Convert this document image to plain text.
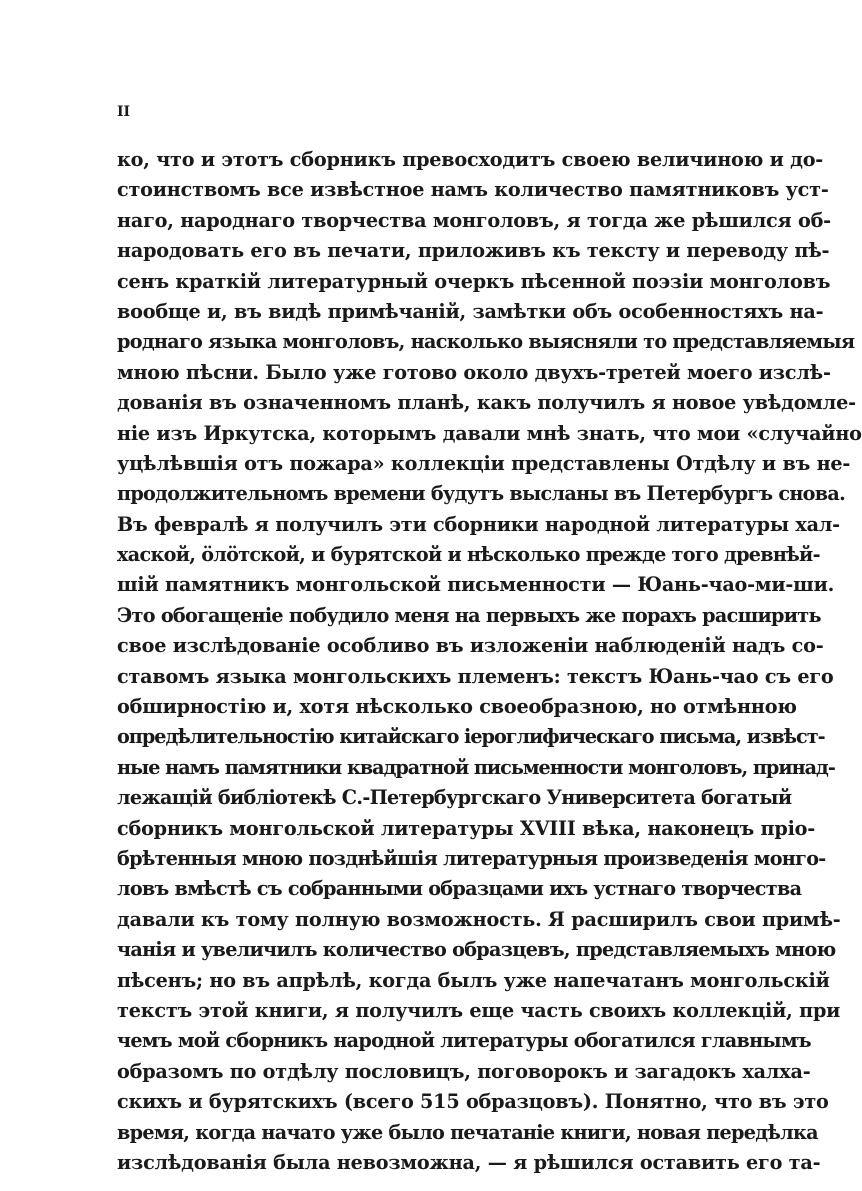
II
ко, что и этотъ сборникъ превосходитъ своею величиною и до-
стоинствомъ все извѣстное намъ количество памятниковъ уст-
наго, народнаго творчества монголовъ, я тогда же рѣшился об-
народовать его въ печати, приложивъ къ тексту и переводу пѣ-
сенъ краткій литературный очеркъ пѣсенной поэзіи монголовъ
вообще и, въ видѣ примѣчаній, замѣтки объ особенностяхъ на-
роднаго языка монголовъ, насколько выясняли то представляемыя
мною пѣсни. Было уже готово около двухъ-третей моего изслѣ-
дованія въ означенномъ планѣ, какъ получилъ я новое увѣдомле-
ніе изъ Иркутска, которымъ давали мнѣ знать, что мои «случайно
уцѣлѣвшія отъ пожара» коллекціи представлены Отдѣлу и въ не-
продолжительномъ времени будутъ высланы въ Петербургъ снова.
Въ февралѣ я получилъ эти сборники народной литературы хал-
хаской, ӧлӧтской, и бурятской и нѣсколько прежде того древнѣй-
шій памятникъ монгольской письменности — Юань-чао-ми-ши.
Это обогащеніе побудило меня на первыхъ же порахъ расширить
свое изслѣдованіе особливо въ изложеніи наблюденій надъ со-
ставомъ языка монгольскихъ племенъ: текстъ Юань-чао съ его
обширностію и, хотя нѣсколько своеобразною, но отмѣнною
опредѣлительностію китайскаго іероглифическаго письма, извѣст-
ные намъ памятники квадратной письменности монголовъ, принад-
лежащій библіотекѣ С.-Петербургскаго Университета богатый
сборникъ монгольской литературы XVIII вѣка, наконецъ пріо-
брѣтенныя мною позднѣйшія литературныя произведенія монго-
ловъ вмѣстѣ съ собранными образцами ихъ устнаго творчества
давали къ тому полную возможность. Я расширилъ свои примѣ-
чанія и увеличилъ количество образцевъ, представляемыхъ мною
пѣсенъ; но въ апрѣлѣ, когда былъ уже напечатанъ монгольскій
текстъ этой книги, я получилъ еще часть своихъ коллекцій, при
чемъ мой сборникъ народной литературы обогатился главнымъ
образомъ по отдѣлу пословицъ, поговорокъ и загадокъ халха-
скихъ и бурятскихъ (всего 515 образцовъ). Понятно, что въ это
время, когда начато уже было печатаніе книги, новая передѣлка
изслѣдованія была невозможна, — я рѣшился оставить его та-
